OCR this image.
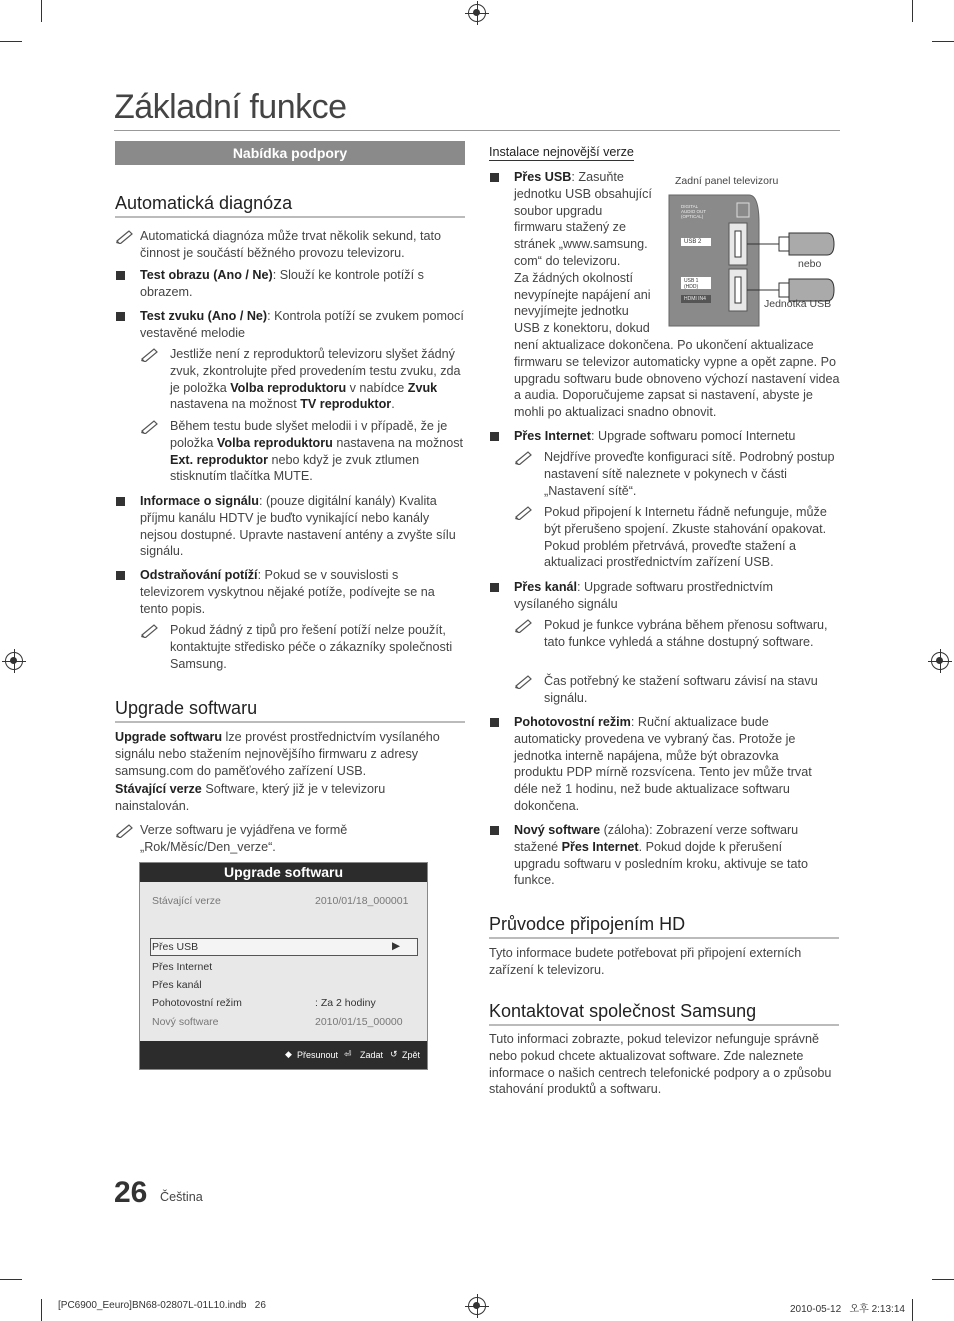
Základní funkce
Nabídka podpory
Automatická diagnóza
Automatická diagnóza může trvat několik sekund, tato činnost je součástí běžného provozu televizoru.
Test obrazu (Ano / Ne): Slouží ke kontrole potíží s obrazem.
Test zvuku (Ano / Ne): Kontrola potíží se zvukem pomocí vestavěné melodie
Jestliže není z reproduktorů televizoru slyšet žádný zvuk, zkontrolujte před provedením testu zvuku, zda je položka Volba reproduktoru v nabídce Zvuk nastavena na možnost TV reproduktor.
Během testu bude slyšet melodii i v případě, že je položka Volba reproduktoru nastavena na možnost Ext. reproduktor nebo když je zvuk ztlumen stisknutím tlačítka MUTE.
Informace o signálu: (pouze digitální kanály) Kvalita příjmu kanálu HDTV je buďto vynikající nebo kanály nejsou dostupné. Upravte nastavení antény a zvyšte sílu signálu.
Odstraňování potíží: Pokud se v souvislosti s televizorem vyskytnou nějaké potíže, podívejte se na tento popis.
Pokud žádný z tipů pro řešení potíží nelze použít, kontaktujte středisko péče o zákazníky společnosti Samsung.
Upgrade softwaru
Upgrade softwaru lze provést prostřednictvím vysílaného signálu nebo stažením nejnovějšího firmwaru z adresy samsung.com do paměťového zařízení USB.
Stávající verze Software, který již je v televizoru nainstalován.
Verze softwaru je vyjádřena ve formě „Rok/Měsíc/Den_verze“.
Upgrade softwaru
Stávající verze	2010/01/18_000001
Přes USB	▶
Přes Internet
Přes kanál
Pohotovostní režim	: Za 2 hodiny
Nový software	2010/01/15_00000
◆ Přesunout ⏎ Zadat ↺ Zpět
Instalace nejnovější verze
Zadní panel televizoru
DIGITAL AUDIO OUT (OPTICAL)
USB 2
USB 1 (HDD)
HDMI IN4
nebo
Jednotka USB
Přes USB: Zasuňte
jednotku USB obsahující
soubor upgradu
firmwaru stažený ze
stránek „www.samsung.
com“ do televizoru.
Za žádných okolností
nevypínejte napájení ani
nevyjímejte jednotku
USB z konektoru, dokud
není aktualizace dokončena. Po ukončení aktualizace firmwaru se televizor automaticky vypne a opět zapne. Po upgradu softwaru bude obnoveno výchozí nastavení videa a audia. Doporučujeme zapsat si nastavení, abyste je mohli po aktualizaci snadno obnovit.
Přes Internet: Upgrade softwaru pomocí Internetu
Nejdříve proveďte konfiguraci sítě. Podrobný postup nastavení sítě naleznete v pokynech v části „Nastavení sítě“.
Pokud připojení k Internetu řádně nefunguje, může být přerušeno spojení. Zkuste stahování opakovat. Pokud problém přetrvává, proveďte stažení a aktualizaci prostřednictvím zařízení USB.
Přes kanál: Upgrade softwaru prostřednictvím vysílaného signálu
Pokud je funkce vybrána během přenosu softwaru, tato funkce vyhledá a stáhne dostupný software.
Čas potřebný ke stažení softwaru závisí na stavu signálu.
Pohotovostní režim: Ruční aktualizace bude automaticky provedena ve vybraný čas. Protože je jednotka interně napájena, může být obrazovka produktu PDP mírně rozsvícena. Tento jev může trvat déle než 1 hodinu, než bude aktualizace softwaru dokončena.
Nový software (záloha): Zobrazení verze softwaru stažené Přes Internet. Pokud dojde k přerušení upgradu softwaru v posledním kroku, aktivuje se tato funkce.
Průvodce připojením HD
Tyto informace budete potřebovat při připojení externích zařízení k televizoru.
Kontaktovat společnost Samsung
Tuto informaci zobrazte, pokud televizor nefunguje správně nebo pokud chcete aktualizovat software. Zde naleznete informace o našich centrech telefonické podpory a o způsobu stahování produktů a softwaru.
26 Čeština
[PC6900_Eeuro]BN68-02807L-01L10.indb   26	2010-05-12   오후 2:13:14
